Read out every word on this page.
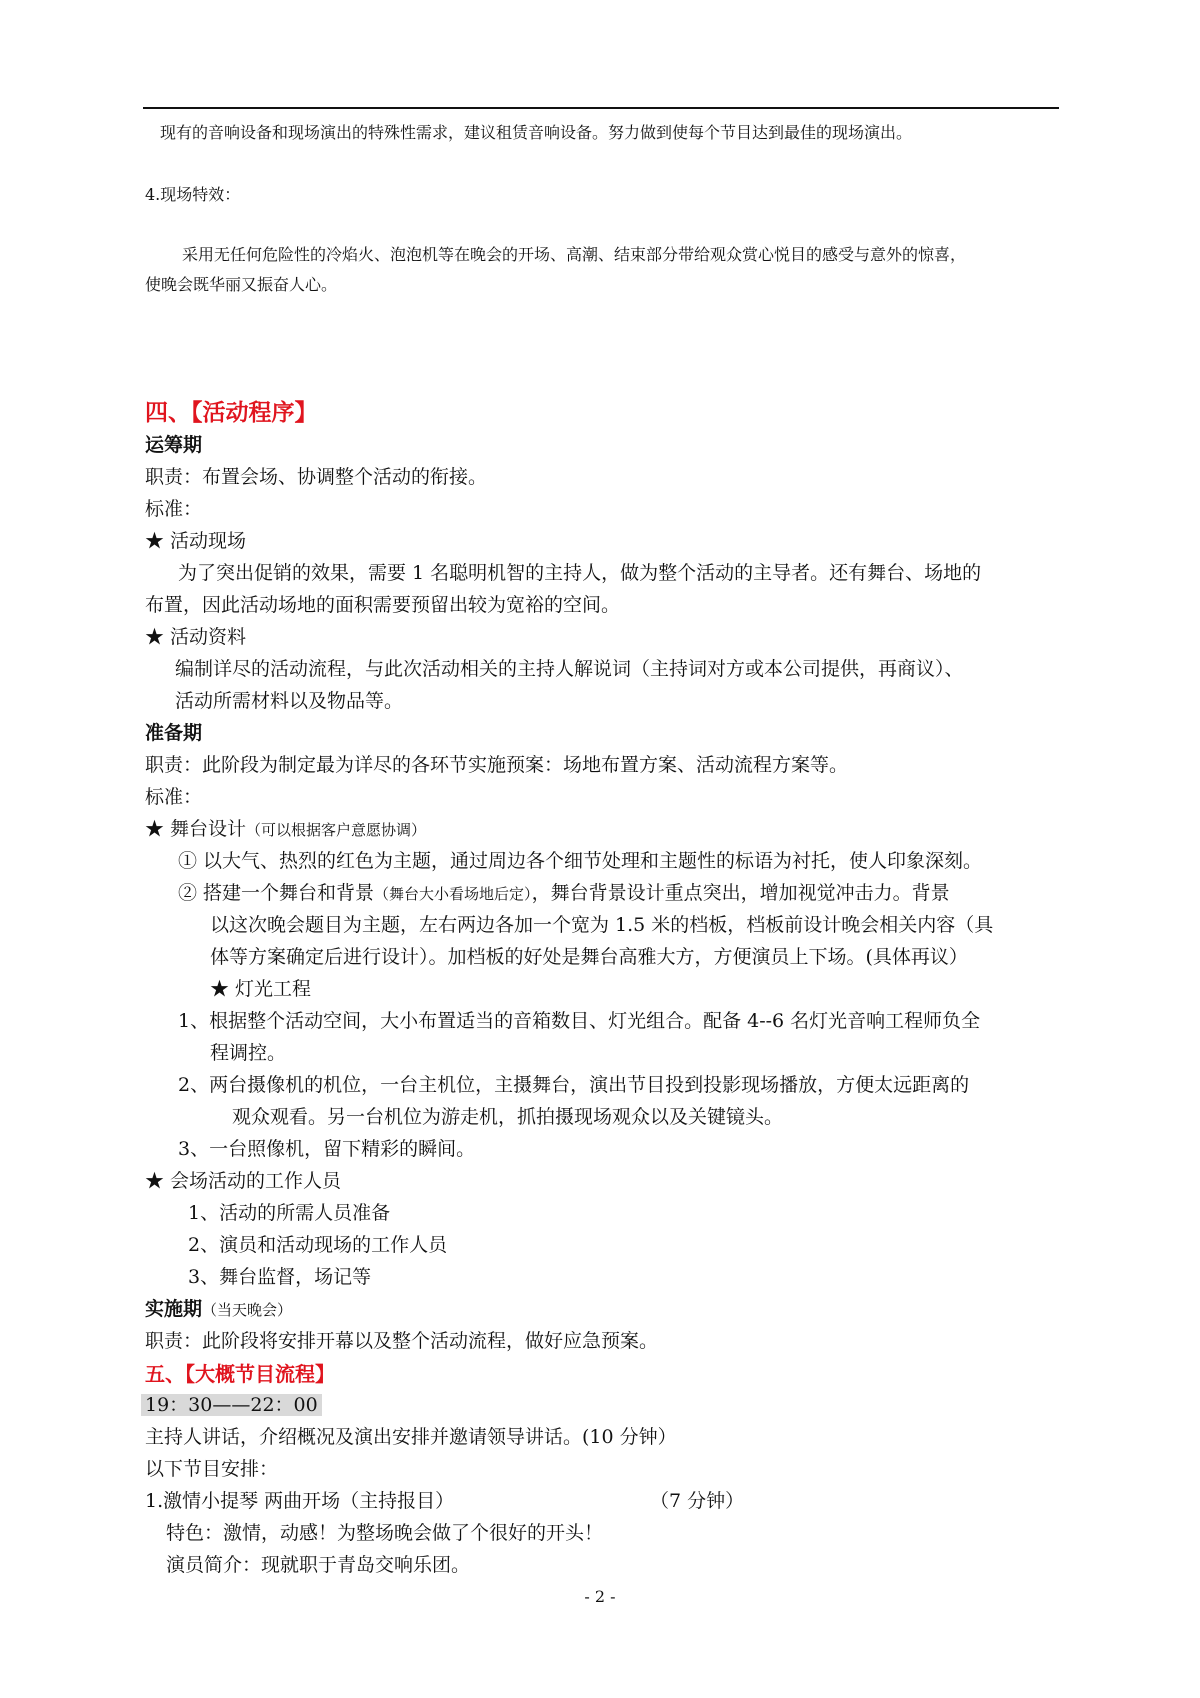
现有的音响设备和现场演出的特殊性需求，建议租赁音响设备。努力做到使每个节目达到最佳的现场演出。
4.现场特效：
采用无任何危险性的冷焰火、泡泡机等在晚会的开场、高潮、结束部分带给观众赏心悦目的感受与意外的惊喜，
使晚会既华丽又振奋人心。
四、【活动程序】
运筹期
职责：布置会场、协调整个活动的衔接。
标准：
★ 活动现场
为了突出促销的效果，需要 1 名聪明机智的主持人，做为整个活动的主导者。还有舞台、场地的
布置，因此活动场地的面积需要预留出较为宽裕的空间。
★ 活动资料
编制详尽的活动流程，与此次活动相关的主持人解说词（主持词对方或本公司提供，再商议）、
活动所需材料以及物品等。
准备期
职责：此阶段为制定最为详尽的各环节实施预案：场地布置方案、活动流程方案等。
标准：
★ 舞台设计（可以根据客户意愿协调）
① 以大气、热烈的红色为主题，通过周边各个细节处理和主题性的标语为衬托，使人印象深刻。
② 搭建一个舞台和背景（舞台大小看场地后定），舞台背景设计重点突出，增加视觉冲击力。背景
以这次晚会题目为主题，左右两边各加一个宽为 1.5 米的档板，档板前设计晚会相关内容（具
体等方案确定后进行设计）。加档板的好处是舞台高雅大方，方便演员上下场。(具体再议）
★ 灯光工程
1、根据整个活动空间，大小布置适当的音箱数目、灯光组合。配备 4--6 名灯光音响工程师负全
程调控。
2、两台摄像机的机位，一台主机位，主摄舞台，演出节目投到投影现场播放，方便太远距离的
观众观看。另一台机位为游走机，抓拍摄现场观众以及关键镜头。
3、一台照像机，留下精彩的瞬间。
★ 会场活动的工作人员
1、活动的所需人员准备
2、演员和活动现场的工作人员
3、舞台监督，场记等
实施期（当天晚会）
职责：此阶段将安排开幕以及整个活动流程，做好应急预案。
五、【大概节目流程】
19：30——22：00
主持人讲话，介绍概况及演出安排并邀请领导讲话。(10 分钟）
以下节目安排：
1.激情小提琴 两曲开场（主持报目）	（7 分钟）
特色：激情，动感！为整场晚会做了个很好的开头！
演员简介：现就职于青岛交响乐团。
- 2 -
